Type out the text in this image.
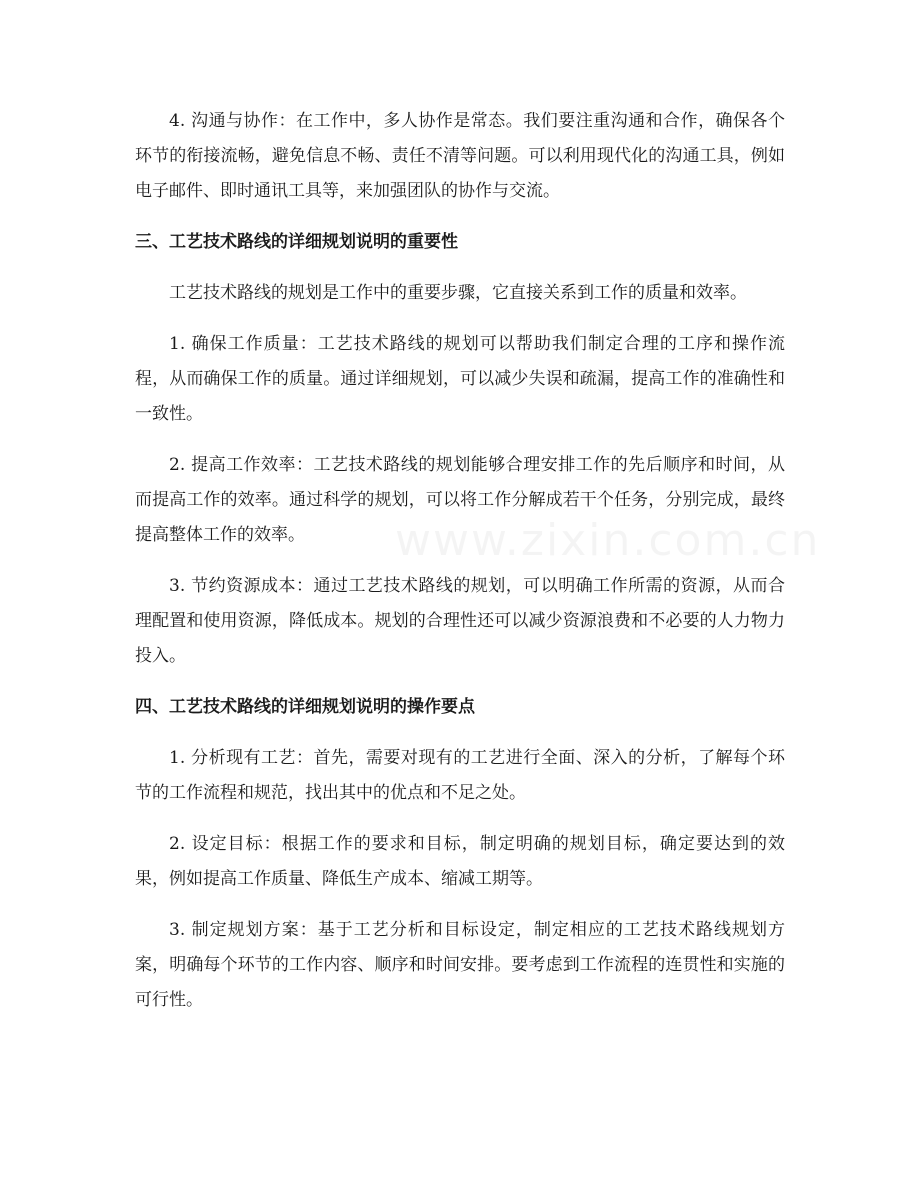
4. 沟通与协作：在工作中，多人协作是常态。我们要注重沟通和合作，确保各个环节的衔接流畅，避免信息不畅、责任不清等问题。可以利用现代化的沟通工具，例如电子邮件、即时通讯工具等，来加强团队的协作与交流。

三、工艺技术路线的详细规划说明的重要性

工艺技术路线的规划是工作中的重要步骤，它直接关系到工作的质量和效率。

1. 确保工作质量：工艺技术路线的规划可以帮助我们制定合理的工序和操作流程，从而确保工作的质量。通过详细规划，可以减少失误和疏漏，提高工作的准确性和一致性。

2. 提高工作效率：工艺技术路线的规划能够合理安排工作的先后顺序和时间，从而提高工作的效率。通过科学的规划，可以将工作分解成若干个任务，分别完成，最终提高整体工作的效率。

3. 节约资源成本：通过工艺技术路线的规划，可以明确工作所需的资源，从而合理配置和使用资源，降低成本。规划的合理性还可以减少资源浪费和不必要的人力物力投入。

四、工艺技术路线的详细规划说明的操作要点

1. 分析现有工艺：首先，需要对现有的工艺进行全面、深入的分析，了解每个环节的工作流程和规范，找出其中的优点和不足之处。

2. 设定目标：根据工作的要求和目标，制定明确的规划目标，确定要达到的效果，例如提高工作质量、降低生产成本、缩减工期等。

3. 制定规划方案：基于工艺分析和目标设定，制定相应的工艺技术路线规划方案，明确每个环节的工作内容、顺序和时间安排。要考虑到工作流程的连贯性和实施的可行性。
